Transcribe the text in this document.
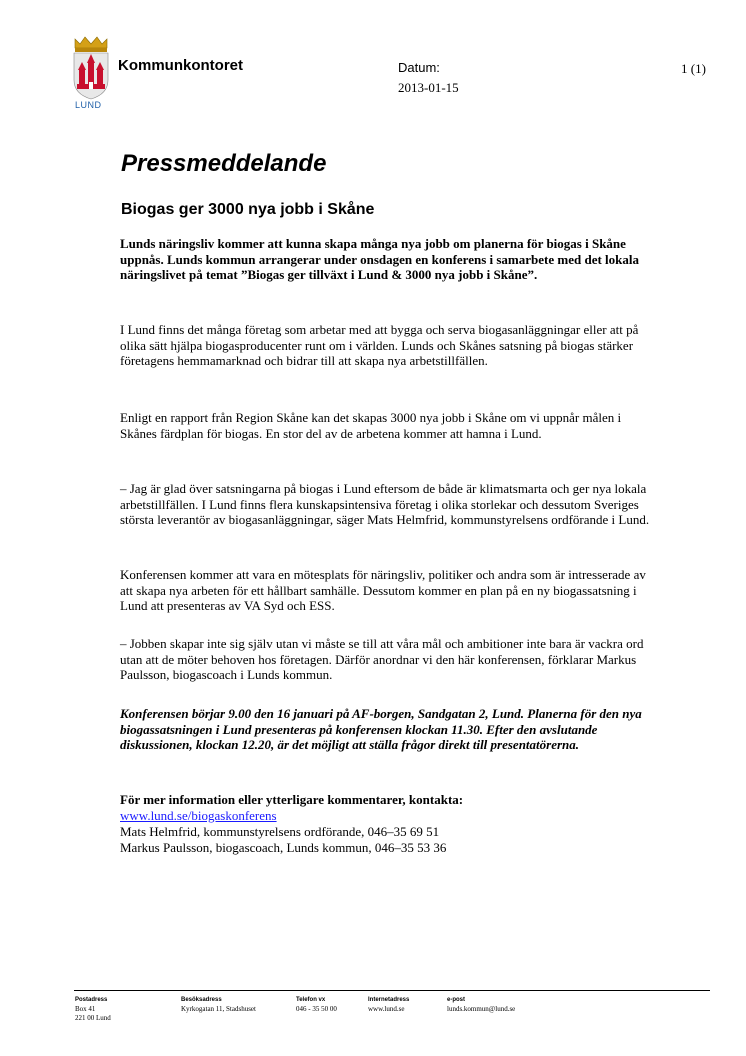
LUND
Kommunkontoret	Datum:
2013-01-15
1 (1)
Pressmeddelande
Biogas ger 3000 nya jobb i Skåne
Lunds näringsliv kommer att kunna skapa många nya jobb om planerna för biogas i Skåne uppnås. Lunds kommun arrangerar under onsdagen en konferens i samarbete med det lokala näringslivet på temat ”Biogas ger tillväxt i Lund & 3000 nya jobb i Skåne”.
I Lund finns det många företag som arbetar med att bygga och serva biogasanläggningar eller att på olika sätt hjälpa biogasproducenter runt om i världen. Lunds och Skånes satsning på biogas stärker företagens hemmamarknad och bidrar till att skapa nya arbetstillfällen.
Enligt en rapport från Region Skåne kan det skapas 3000 nya jobb i Skåne om vi uppnår målen i Skånes färdplan för biogas. En stor del av de arbetena kommer att hamna i Lund.
– Jag är glad över satsningarna på biogas i Lund eftersom de både är klimatsmarta och ger nya lokala arbetstillfällen. I Lund finns flera kunskapsintensiva företag i olika storlekar och dessutom Sveriges största leverantör av biogasanläggningar, säger Mats Helmfrid, kommunstyrelsens ordförande i Lund.
Konferensen kommer att vara en mötesplats för näringsliv, politiker och andra som är intresserade av att skapa nya arbeten för ett hållbart samhälle. Dessutom kommer en plan på en ny biogassatsning i Lund att presenteras av VA Syd och ESS.
– Jobben skapar inte sig själv utan vi måste se till att våra mål och ambitioner inte bara är vackra ord utan att de möter behoven hos företagen. Därför anordnar vi den här konferensen, förklarar Markus Paulsson, biogascoach i Lunds kommun.
Konferensen börjar 9.00 den 16 januari på AF-borgen, Sandgatan 2, Lund. Planerna för den nya biogassatsningen i Lund presenteras på konferensen klockan 11.30. Efter den avslutande diskussionen, klockan 12.20, är det möjligt att ställa frågor direkt till presentatörerna.
För mer information eller ytterligare kommentarer, kontakta:
www.lund.se/biogaskonferens
Mats Helmfrid, kommunstyrelsens ordförande, 046–35 69 51
Markus Paulsson, biogascoach, Lunds kommun, 046–35 53 36
Postadress
Box 41
221 00 Lund
Besöksadress
Kyrkogatan 11, Stadshuset
Telefon vx
046 - 35 50 00
Internetadress
www.lund.se
e-post
lunds.kommun@lund.se
